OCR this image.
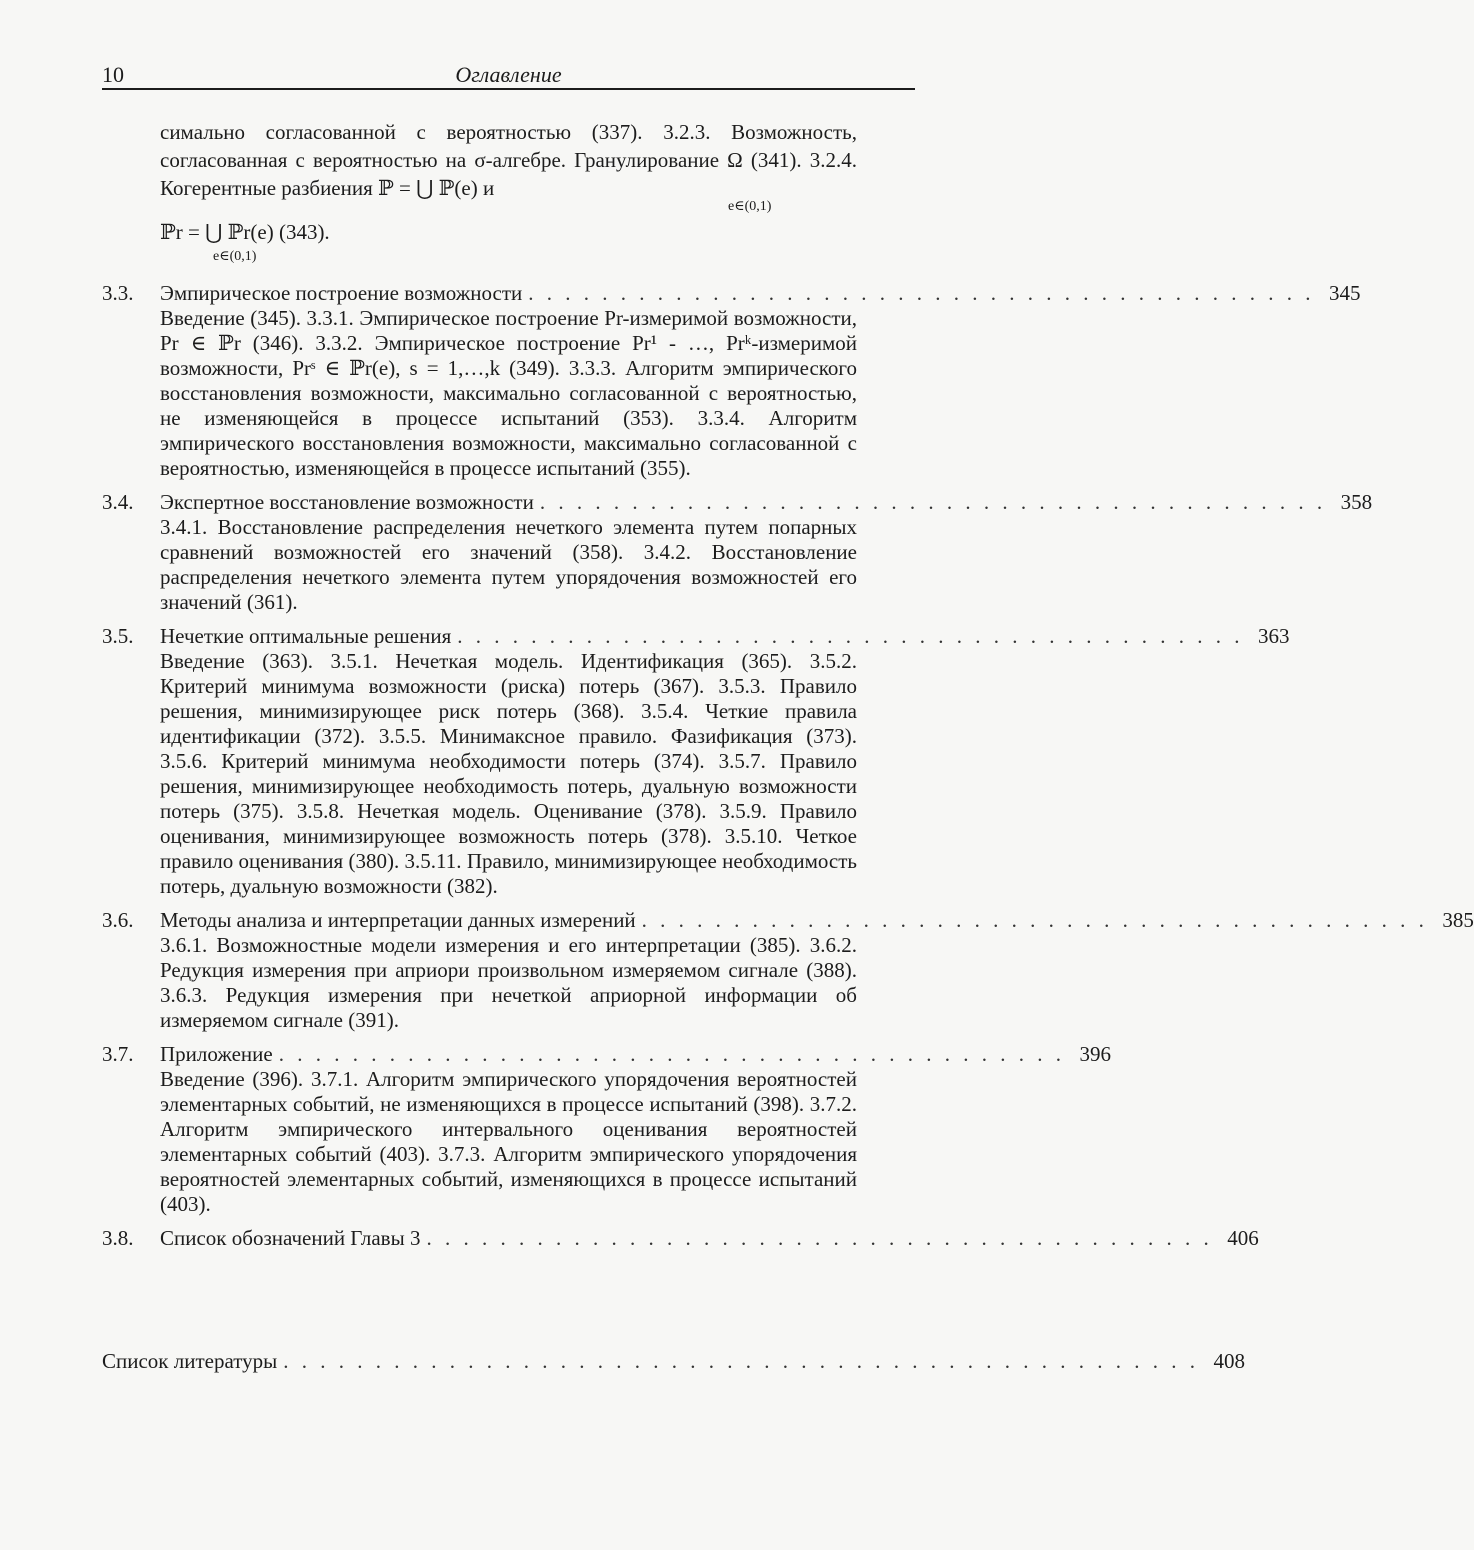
10	Оглавление
симально согласованной с вероятностью (337). 3.2.3. Возможность, согласованная с вероятностью на σ-алгебре. Гранулирование Ω (341). 3.2.4. Когерентные разбиения ℙ = ⋃ ℙ(e) и
e∈(0,1)
ℙr = ⋃ ℙr(e) (343).
e∈(0,1)
3.3.	Эмпирическое построение возможности . . . . . . . . . . . . . . . . . . . . . . . . . . . . . . . . . . . . . . . . . . . 345
Введение (345). 3.3.1. Эмпирическое построение Pr-измеримой возможности, Pr ∈ ℙr (346). 3.3.2. Эмпирическое построение Pr¹ - …, Prᵏ-измеримой возможности, Prˢ ∈ ℙr(e), s = 1,…,k (349). 3.3.3. Алгоритм эмпирического восстановления возможности, максимально согласованной с вероятностью, не изменяющейся в процессе испытаний (353). 3.3.4. Алгоритм эмпирического восстановления возможности, максимально согласованной с вероятностью, изменяющейся в процессе испытаний (355).
3.4.	Экспертное восстановление возможности . . . . . . . . . . . . . . . . . . . . . . . . . . . . . . . . . . . . . . . . . . . 358
3.4.1. Восстановление распределения нечеткого элемента путем попарных сравнений возможностей его значений (358). 3.4.2. Восстановление распределения нечеткого элемента путем упорядочения возможностей его значений (361).
3.5.	Нечеткие оптимальные решения . . . . . . . . . . . . . . . . . . . . . . . . . . . . . . . . . . . . . . . . . . . 363
Введение (363). 3.5.1. Нечеткая модель. Идентификация (365). 3.5.2. Критерий минимума возможности (риска) потерь (367). 3.5.3. Правило решения, минимизирующее риск потерь (368). 3.5.4. Четкие правила идентификации (372). 3.5.5. Минимаксное правило. Фазификация (373). 3.5.6. Критерий минимума необходимости потерь (374). 3.5.7. Правило решения, минимизирующее необходимость потерь, дуальную возможности потерь (375). 3.5.8. Нечеткая модель. Оценивание (378). 3.5.9. Правило оценивания, минимизирующее возможность потерь (378). 3.5.10. Четкое правило оценивания (380). 3.5.11. Правило, минимизирующее необходимость потерь, дуальную возможности (382).
3.6.	Методы анализа и интерпретации данных измерений . . . . . . . . . . . . . . . . . . . . . . . . . . . . . . . . . . . . . . . . . . . 385
3.6.1. Возможностные модели измерения и его интерпретации (385). 3.6.2. Редукция измерения при априори произвольном измеряемом сигнале (388). 3.6.3. Редукция измерения при нечеткой априорной информации об измеряемом сигнале (391).
3.7.	Приложение . . . . . . . . . . . . . . . . . . . . . . . . . . . . . . . . . . . . . . . . . . . 396
Введение (396). 3.7.1. Алгоритм эмпирического упорядочения вероятностей элементарных событий, не изменяющихся в процессе испытаний (398). 3.7.2. Алгоритм эмпирического интервального оценивания вероятностей элементарных событий (403). 3.7.3. Алгоритм эмпирического упорядочения вероятностей элементарных событий, изменяющихся в процессе испытаний (403).
3.8.	Список обозначений Главы 3 . . . . . . . . . . . . . . . . . . . . . . . . . . . . . . . . . . . . . . . . . . . 406
Список литературы . . . . . . . . . . . . . . . . . . . . . . . . . . . . . . . . . . . . . . . . . . . . . . . . . . 408
